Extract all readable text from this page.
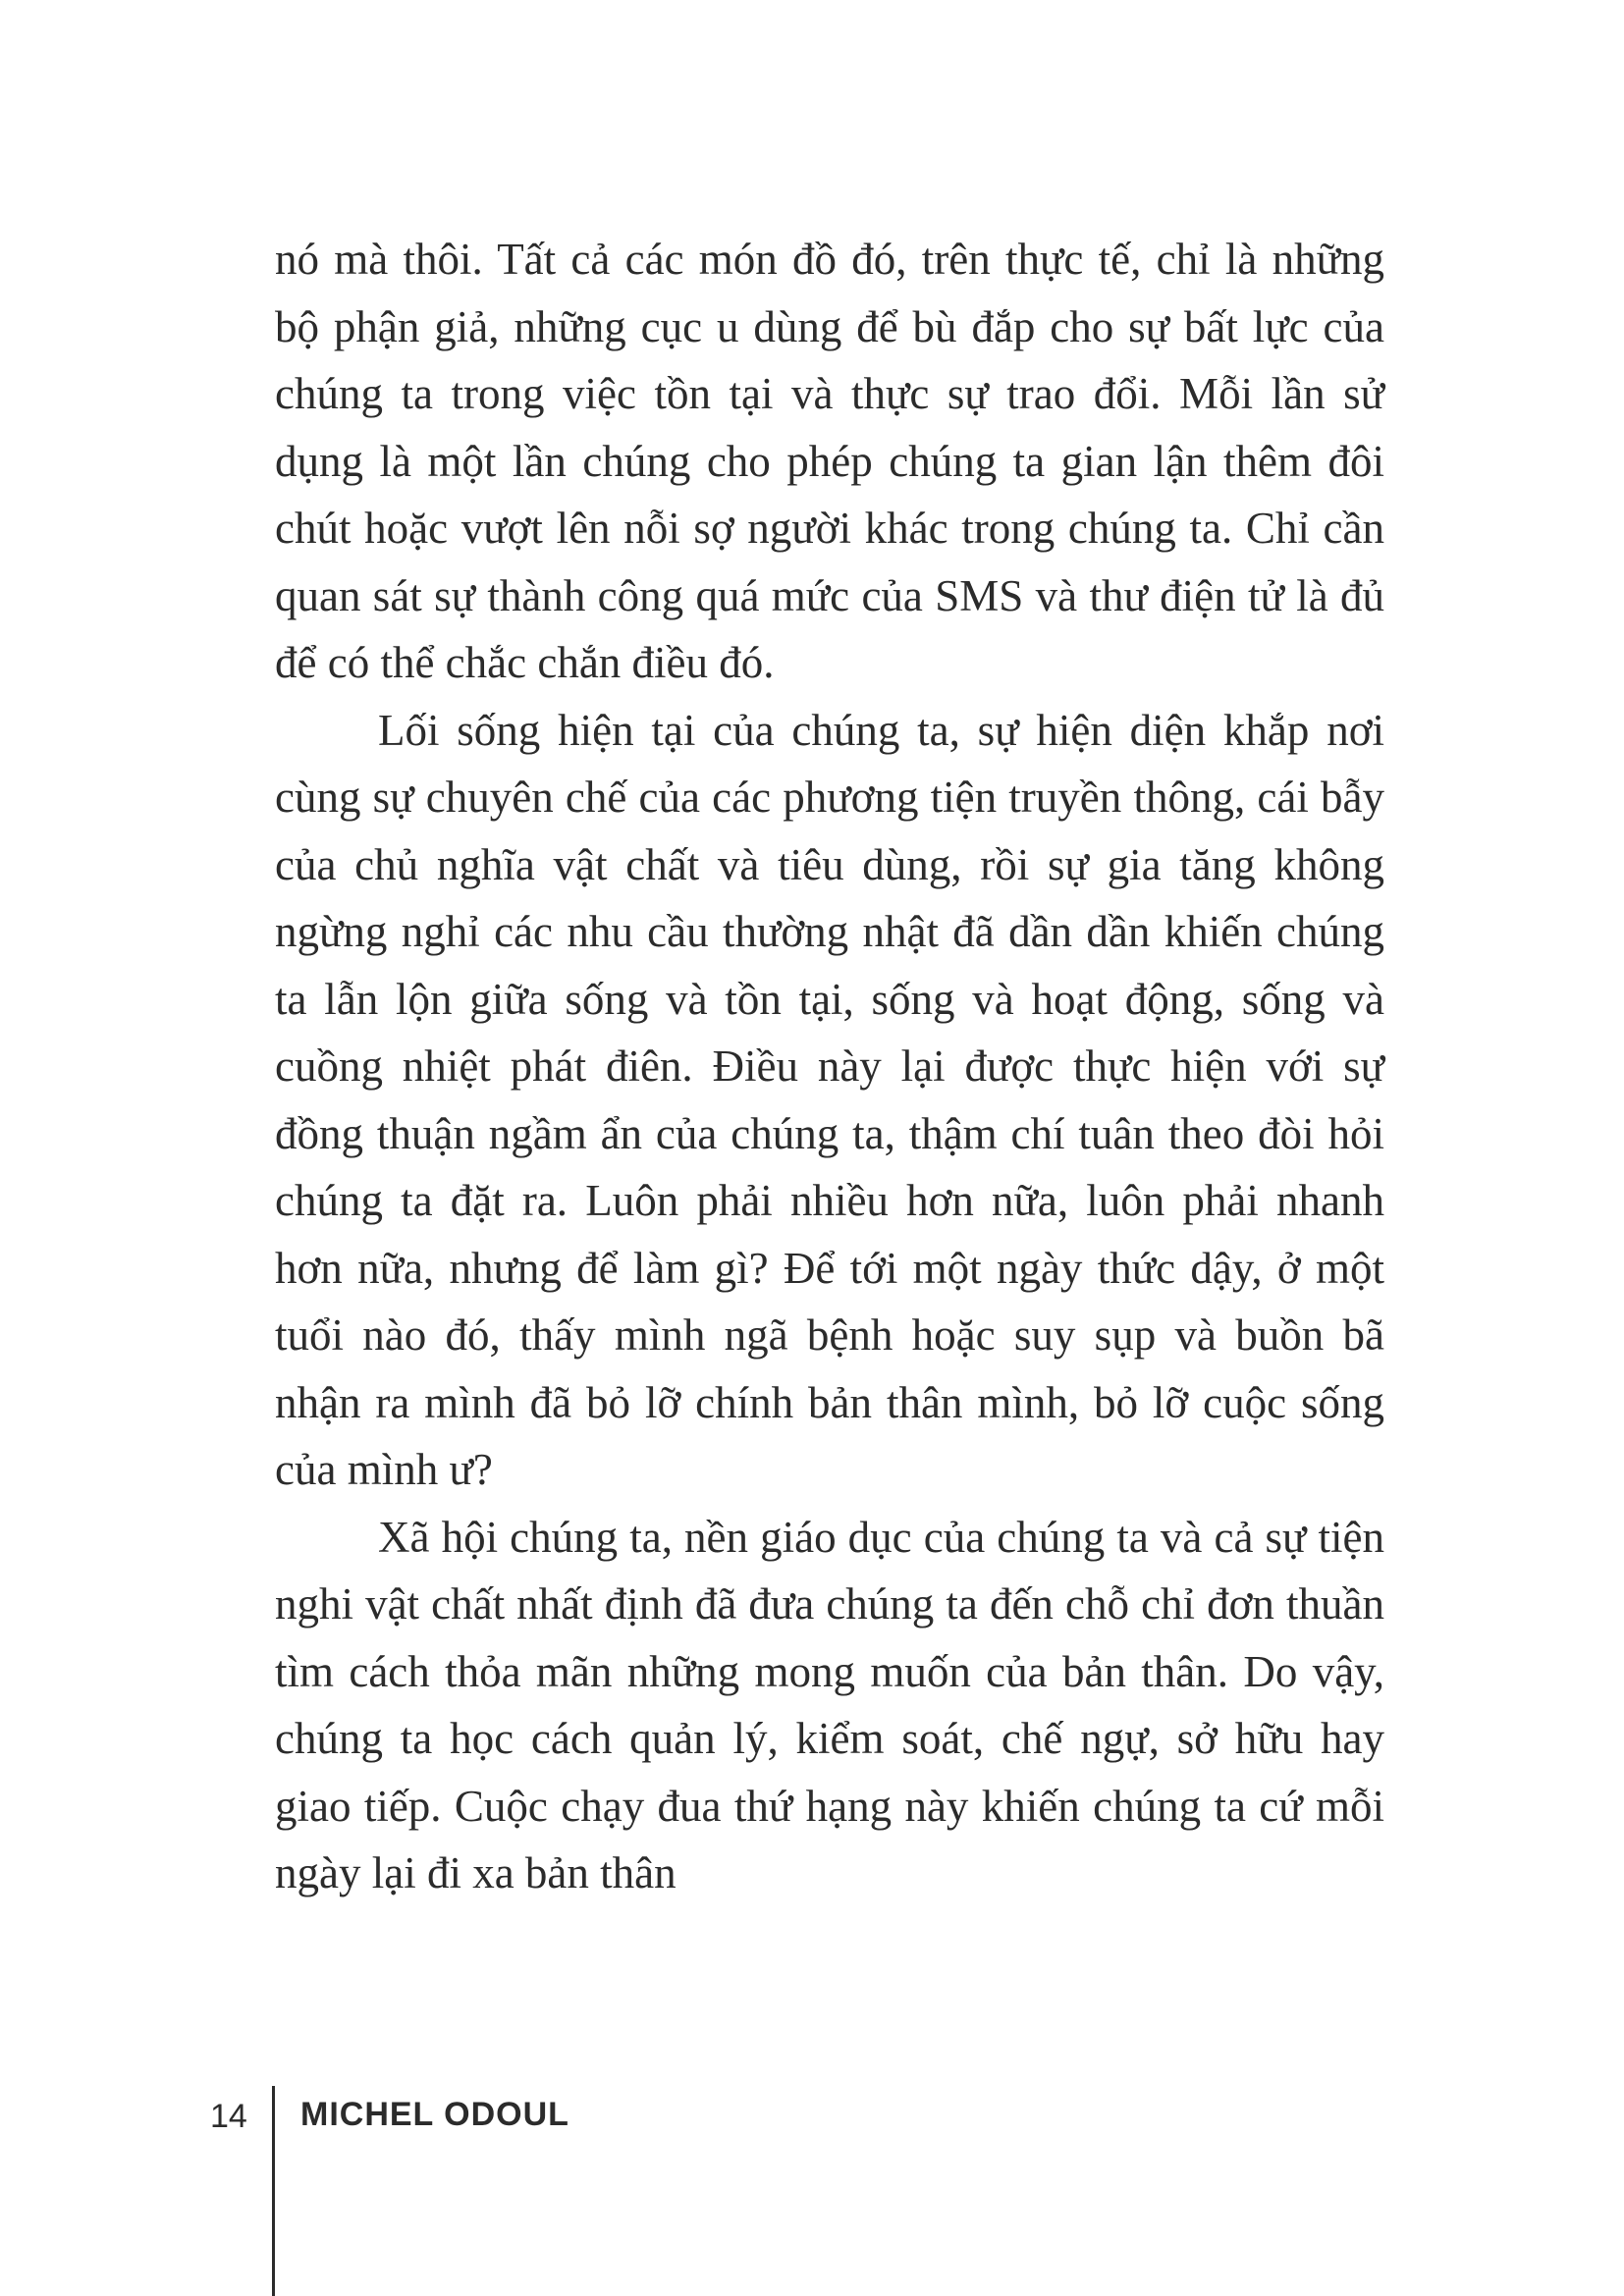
nó mà thôi. Tất cả các món đồ đó, trên thực tế, chỉ là những bộ phận giả, những cục u dùng để bù đắp cho sự bất lực của chúng ta trong việc tồn tại và thực sự trao đổi. Mỗi lần sử dụng là một lần chúng cho phép chúng ta gian lận thêm đôi chút hoặc vượt lên nỗi sợ người khác trong chúng ta. Chỉ cần quan sát sự thành công quá mức của SMS và thư điện tử là đủ để có thể chắc chắn điều đó.

Lối sống hiện tại của chúng ta, sự hiện diện khắp nơi cùng sự chuyên chế của các phương tiện truyền thông, cái bẫy của chủ nghĩa vật chất và tiêu dùng, rồi sự gia tăng không ngừng nghỉ các nhu cầu thường nhật đã dần dần khiến chúng ta lẫn lộn giữa sống và tồn tại, sống và hoạt động, sống và cuồng nhiệt phát điên. Điều này lại được thực hiện với sự đồng thuận ngầm ẩn của chúng ta, thậm chí tuân theo đòi hỏi chúng ta đặt ra. Luôn phải nhiều hơn nữa, luôn phải nhanh hơn nữa, nhưng để làm gì? Để tới một ngày thức dậy, ở một tuổi nào đó, thấy mình ngã bệnh hoặc suy sụp và buồn bã nhận ra mình đã bỏ lỡ chính bản thân mình, bỏ lỡ cuộc sống của mình ư?

Xã hội chúng ta, nền giáo dục của chúng ta và cả sự tiện nghi vật chất nhất định đã đưa chúng ta đến chỗ chỉ đơn thuần tìm cách thỏa mãn những mong muốn của bản thân. Do vậy, chúng ta học cách quản lý, kiểm soát, chế ngự, sở hữu hay giao tiếp. Cuộc chạy đua thứ hạng này khiến chúng ta cứ mỗi ngày lại đi xa bản thân

14 MICHEL ODOUL
